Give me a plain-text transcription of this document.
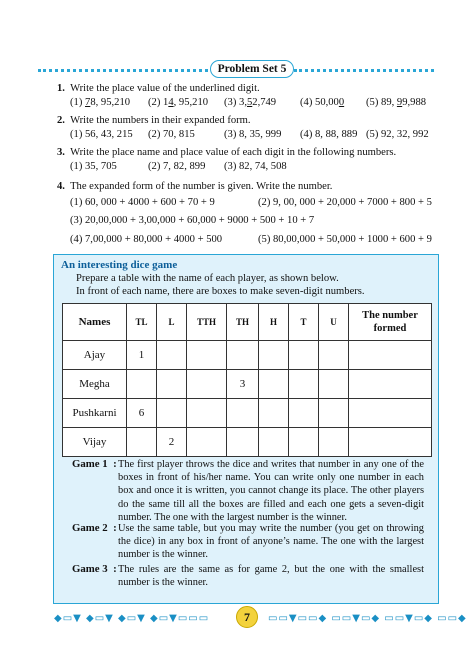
Problem Set 5
1. Write the place value of the underlined digit.
(1) 78, 95,210 (2) 14, 95,210 (3) 3,52,749 (4) 50,000 (5) 89, 99,988
2. Write the numbers in their expanded form.
(1) 56, 43, 215 (2) 70, 815	(3) 8, 35, 999 (4) 8, 88, 889 (5) 92, 32, 992
3. Write the place name and place value of each digit in the following numbers.
(1) 35, 705	(2) 7, 82, 899 (3) 82, 74, 508
4. The expanded form of the number is given. Write the number.
(1) 60, 000 + 4000 + 600 + 70 + 9	(2) 9, 00, 000 + 20,000 + 7000 + 800 + 5
(3) 20,00,000 + 3,00,000 + 60,000 + 9000 + 500 + 10 + 7
(4) 7,00,000 + 80,000 + 4000 + 500	(5) 80,00,000 + 50,000 + 1000 + 600 + 9
An interesting dice game
Prepare a table with the name of each player, as shown below.
In front of each name, there are boxes to make seven-digit numbers.
Names	TL	L	TTH	TH	H	T	U	The number formed
Ajay	1							
Megha				3				
Pushkarni	6							
Vijay		2						
Game 1  : The first player throws the dice and writes that number in any one of the boxes in front of his/her name. You can write only one number in each box and once it is written, you cannot change its place. The other players do the same till all the boxes are filled and each one gets a seven-digit number. The one with the largest number is the winner.
Game 2  : Use the same table, but you may write the number (you get on throwing the dice) in any box in front of anyone’s name. The one with the largest number is the winner.
Game 3  : The rules are the same as for game 2, but the one with the smallest number is the winner.
◆▭▼ ◆▭▼ ◆▭▼ ◆▭▼▭▭▭	7	▭▭▼▭▭◆ ▭▭▼▭◆ ▭▭▼▭◆ ▭▭◆
